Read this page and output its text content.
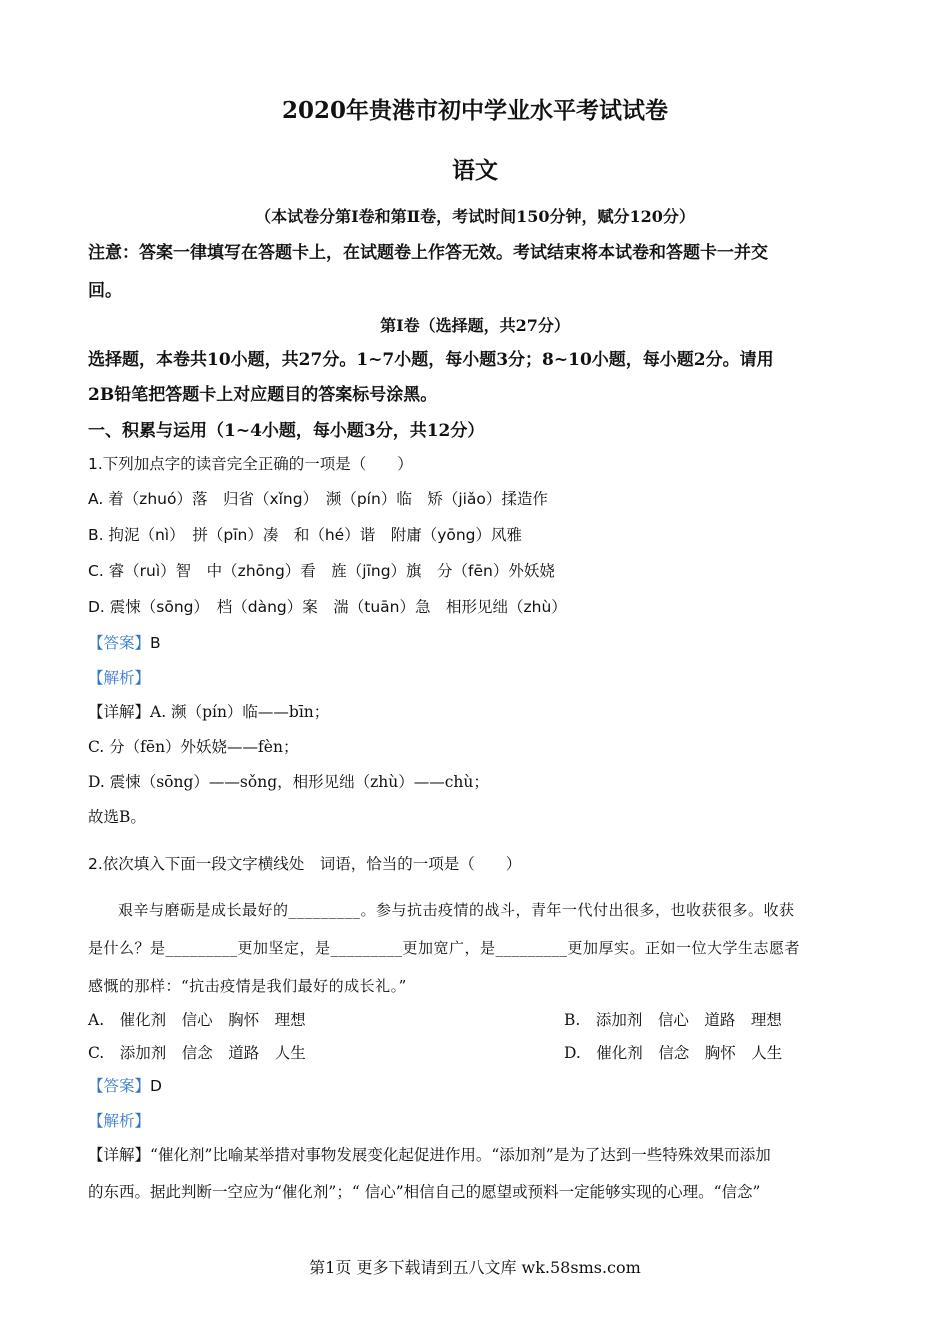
2020年贵港市初中学业水平考试试卷
语文
（本试卷分第Ⅰ卷和第Ⅱ卷，考试时间150分钟，赋分120分）
注意：答案一律填写在答题卡上，在试题卷上作答无效。考试结束将本试卷和答题卡一并交
回。
第Ⅰ卷（选择题，共27分）
选择题，本卷共10小题，共27分。1~7小题，每小题3分；8~10小题，每小题2分。请用
2B铅笔把答题卡上对应题目的答案标号涂黑。
一、积累与运用（1~4小题，每小题3分，共12分）
1.下列加点字的读音完全正确的一项是（　　）
A. 着（zhuó）落　归省（xǐng）　濒（pín）临　矫（jiǎo）揉造作
B. 拘泥（nì）　拼（pīn）凑　和（hé）谐　附庸（yōng）风雅
C. 睿（ruì）智　中（zhōng）看　旌（jīng）旗　分（fēn）外妖娆
D. 震悚（sōng）　档（dàng）案　湍（tuān）急　相形见绌（zhù）
【答案】B
【解析】
【详解】A. 濒（pín）临——bīn；
C. 分（fēn）外妖娆——fèn；
D. 震悚（sōng）——sǒng，相形见绌（zhù）——chù；
故选B。
2.依次填入下面一段文字横线处　词语，恰当的一项是（　　）
艰辛与磨砺是成长最好的_________。参与抗击疫情的战斗，青年一代付出很多，也收获很多。收获
是什么？是_________更加坚定，是_________更加宽广，是_________更加厚实。正如一位大学生志愿者
感慨的那样：“抗击疫情是我们最好的成长礼。”
A.　催化剂　信心　胸怀　理想	B.　添加剂　信心　道路　理想
C.　添加剂　信念　道路　人生	D.　催化剂　信念　胸怀　人生
【答案】D
【解析】
【详解】“催化剂”比喻某举措对事物发展变化起促进作用。“添加剂”是为了达到一些特殊效果而添加
的东西。据此判断一空应为“催化剂”；“ 信心”相信自己的愿望或预料一定能够实现的心理。“信念”
第1页 更多下载请到五八文库 wk.58sms.com
